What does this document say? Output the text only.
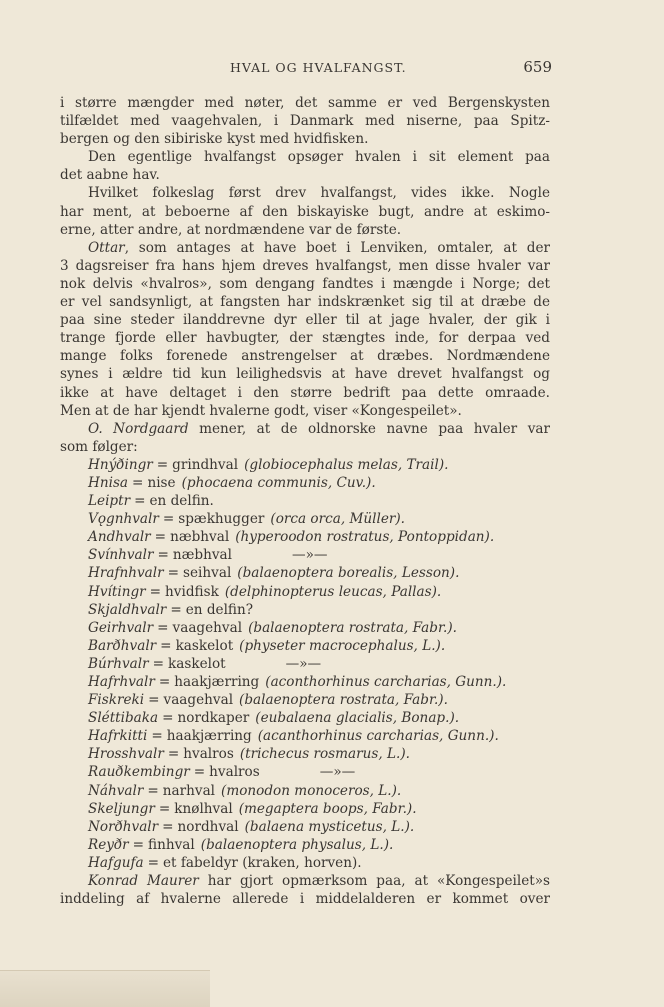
HVAL OG HVALFANGST.	659
i større mængder med nøter, det samme er ved Bergenskysten
tilfældet med vaagehvalen, i Danmark med niserne, paa Spitz-
bergen og den sibiriske kyst med hvidfisken.
Den egentlige hvalfangst opsøger hvalen i sit element paa
det aabne hav.
Hvilket folkeslag først drev hvalfangst, vides ikke. Nogle
har ment, at beboerne af den biskayiske bugt, andre at eskimo-
erne, atter andre, at nordmændene var de første.
Ottar, som antages at have boet i Lenviken, omtaler, at der
3 dagsreiser fra hans hjem dreves hvalfangst, men disse hvaler var
nok delvis «hvalros», som dengang fandtes i mængde i Norge; det
er vel sandsynligt, at fangsten har indskrænket sig til at dræbe de
paa sine steder ilanddrevne dyr eller til at jage hvaler, der gik i
trange fjorde eller havbugter, der stængtes inde, for derpaa ved
mange folks forenede anstrengelser at dræbes. Nordmændene
synes i ældre tid kun leilighedsvis at have drevet hvalfangst og
ikke at have deltaget i den større bedrift paa dette omraade.
Men at de har kjendt hvalerne godt, viser «Kongespeilet».
O. Nordgaard mener, at de oldnorske navne paa hvaler var
som følger:
Hnýðingr = grindhval (globiocephalus melas, Trail).
Hnisa = nise (phocaena communis, Cuv.).
Leiptr = en delfin.
Vǫgnhvalr = spækhugger (orca orca, Müller).
Andhvalr = næbhval (hyperoodon rostratus, Pontoppidan).
Svínhvalr = næbhval	—»—
Hrafnhvalr = seihval (balaenoptera borealis, Lesson).
Hvítingr = hvidfisk (delphinopterus leucas, Pallas).
Skjaldhvalr = en delfin?
Geirhvalr = vaagehval (balaenoptera rostrata, Fabr.).
Barðhvalr = kaskelot (physeter macrocephalus, L.).
Búrhvalr = kaskelot	—»—
Hafrhvalr = haakjærring (aconthorhinus carcharias, Gunn.).
Fiskreki = vaagehval (balaenoptera rostrata, Fabr.).
Sléttibaka = nordkaper (eubalaena glacialis, Bonap.).
Hafrkitti = haakjærring (acanthorhinus carcharias, Gunn.).
Hrosshvalr = hvalros (trichecus rosmarus, L.).
Rauðkembingr = hvalros	—»—
Náhvalr = narhval (monodon monoceros, L.).
Skeljungr = knølhval (megaptera boops, Fabr.).
Norðhvalr = nordhval (balaena mysticetus, L.).
Reyðr = finhval (balaenoptera physalus, L.).
Hafgufa = et fabeldyr (kraken, horven).
Konrad Maurer har gjort opmærksom paa, at «Kongespeilet»s
inddeling af hvalerne allerede i middelalderen er kommet over
